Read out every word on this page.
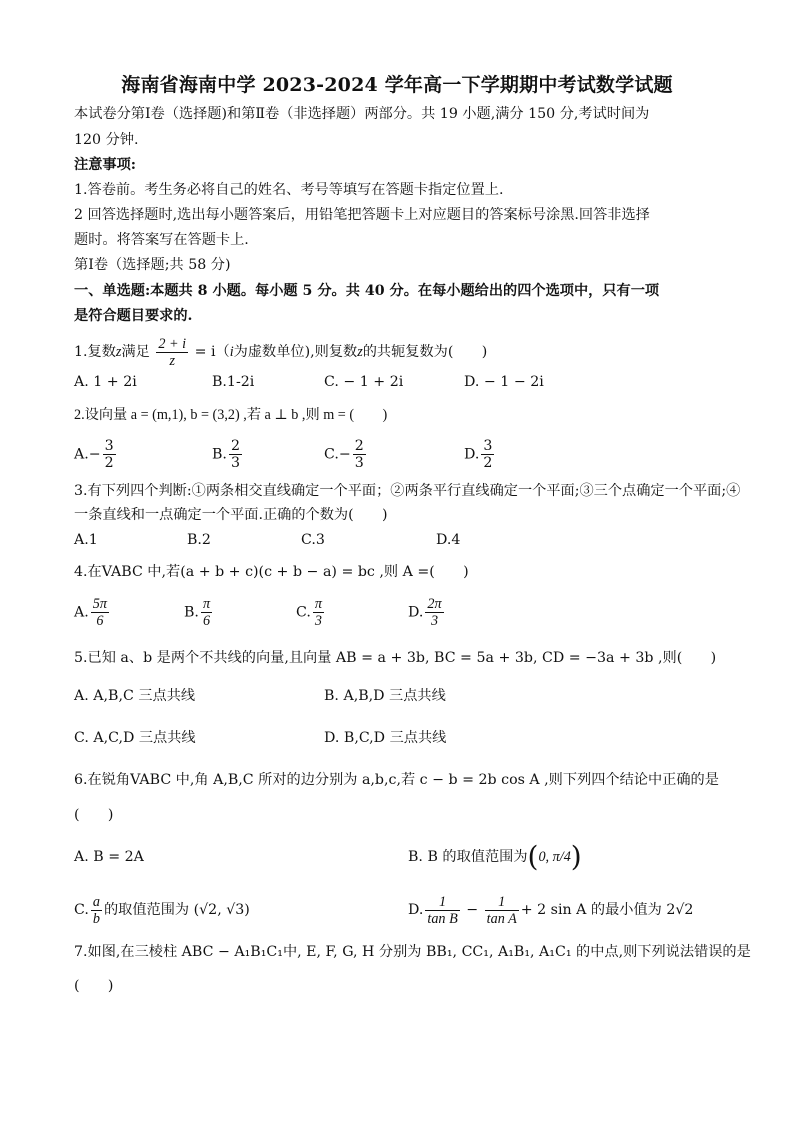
海南省海南中学 2023-2024 学年高一下学期期中考试数学试题
本试卷分第Ⅰ卷（选择题)和第Ⅱ卷（非选择题）两部分。共 19 小题,满分 150 分,考试时间为
120 分钟.
注意事项:
1.答卷前。考生务必将自己的姓名、考号等填写在答题卡指定位置上.
2 回答选择题时,选出每小题答案后，用铅笔把答题卡上对应题目的答案标号涂黑.回答非选择
题时。将答案写在答题卡上.
第Ⅰ卷（选择题;共 58 分)
一、单选题:本题共 8 小题。每小题 5 分。共 40 分。在每小题给出的四个选项中，只有一项
是符合题目要求的.
1.复数z满足 $\frac{2 + i}{z} = i(i$为虚数单位),则复数z的共轭复数为(　　)
A. 1 + 2i	B.1-2i	C. − 1 + 2i	D. − 1 − 2i
2.设向量 a = (m,1), b = (3,2) ,若 a ⊥ b ,则 m = (　　)
$A.- \frac{3}{2}$	B. $\frac{2}{3}$	$C.- \frac{2}{3}$	D. $\frac{3}{2}$
3.有下列四个判断:①两条相交直线确定一个平面；②两条平行直线确定一个平面;③三个点确定一个平面;④
一条直线和一点确定一个平面.正确的个数为(　　)
A.1	B.2	C.3	D.4
4.在VABC 中,若(a + b + c)(c + b − a) = bc ,则 A =(　　)
A. $\frac{5\pi}{6}$	B. $\frac{\pi}{6}$	C. $\frac{\pi}{3}$	D. $\frac{2\pi}{3}$
5.已知 a、b 是两个不共线的向量,且向量 AB = a + 3b, BC = 5a + 3b, CD = −3a + 3b ,则(　　)
A. A,B,C 三点共线	B. A,B,D 三点共线
C. A,C,D 三点共线	D. B,C,D 三点共线
6.在锐角VABC 中,角 A,B,C 所对的边分别为 a,b,c,若 c − b = 2b cos A ,则下列四个结论中正确的是
(　　)
A. B = 2A	B. B 的取值范围为(0, π/4)
C. $\frac{a}{b}$ 的取值范围为 (√2, √3)	D. $\frac{1}{\text{tan B}} - \frac{1}{\text{tan A}} + 2$ sin A 的最小值为 2√2
7.如图,在三棱柱 ABC − A₁B₁C₁中, E, F, G, H 分别为 BB₁, CC₁, A₁B₁, A₁C₁ 的中点,则下列说法错误的是
(　　)
